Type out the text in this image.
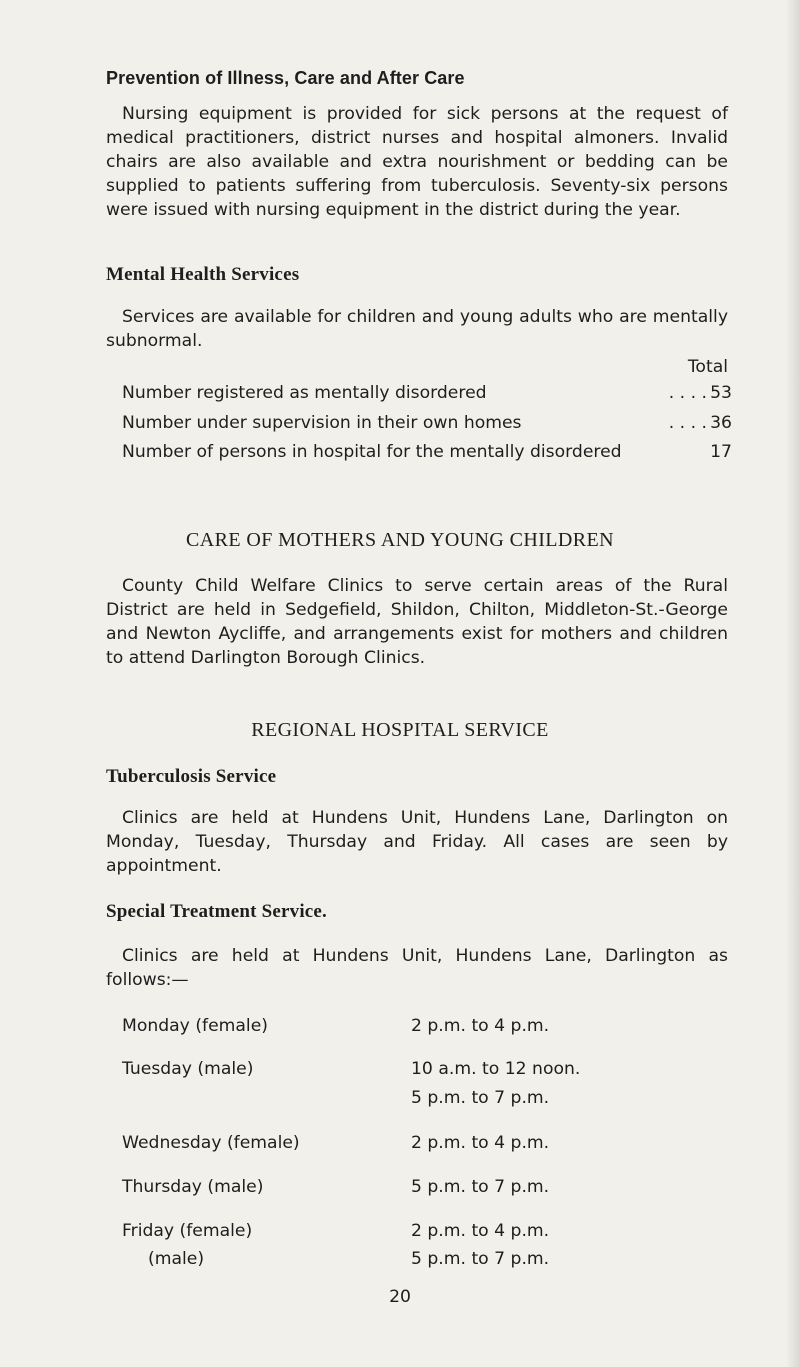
Prevention of Illness, Care and After Care
Nursing equipment is provided for sick persons at the request of medical practitioners, district nurses and hospital almoners. Invalid chairs are also available and extra nourishment or bedding can be supplied to patients suffering from tuberculosis. Seventy-six persons were issued with nursing equipment in the district during the year.
Mental Health Services
Services are available for children and young adults who are mentally subnormal.
Total
Number registered as mentally disordered	. . . . 53
Number under supervision in their own homes	. . . . 36
Number of persons in hospital for the mentally disordered	17
CARE OF MOTHERS AND YOUNG CHILDREN
County Child Welfare Clinics to serve certain areas of the Rural District are held in Sedgefield, Shildon, Chilton, Middleton-St.-George and Newton Aycliffe, and arrangements exist for mothers and children to attend Darlington Borough Clinics.
REGIONAL HOSPITAL SERVICE
Tuberculosis Service
Clinics are held at Hundens Unit, Hundens Lane, Darlington on Monday, Tuesday, Thursday and Friday. All cases are seen by appointment.
Special Treatment Service.
Clinics are held at Hundens Unit, Hundens Lane, Darlington as follows:—
Monday (female)	2 p.m. to 4 p.m.
Tuesday (male)	10 a.m. to 12 noon.
5 p.m. to 7 p.m.
Wednesday (female)	2 p.m. to 4 p.m.
Thursday (male)	5 p.m. to 7 p.m.
Friday (female)	2 p.m. to 4 p.m.
(male)	5 p.m. to 7 p.m.
20
